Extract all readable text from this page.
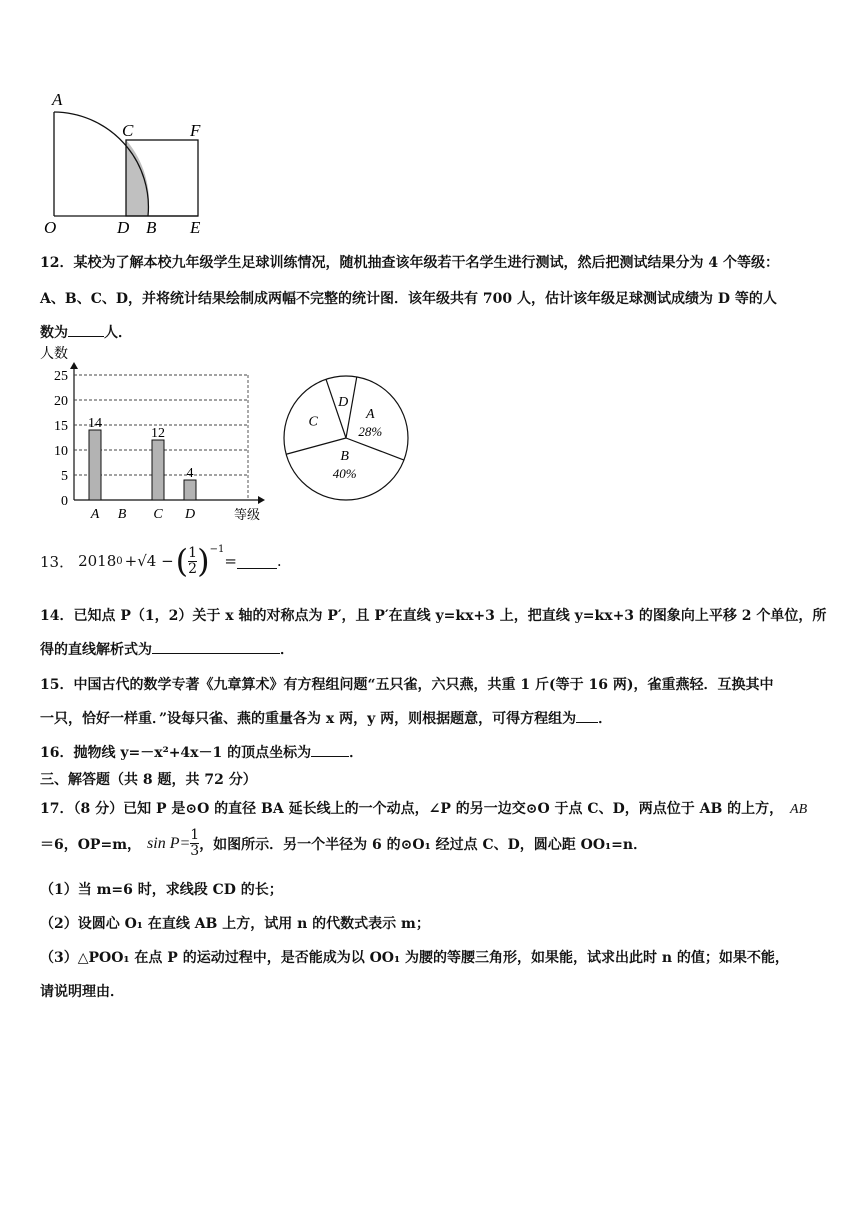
A
C	F
O	D B E
12．某校为了解本校九年级学生足球训练情况，随机抽查该年级若干名学生进行测试，然后把测试结果分为 4 个等级：
A、B、C、D，并将统计结果绘制成两幅不完整的统计图．该年级共有 700 人，估计该年级足球测试成绩为 D 等的人
数为	人．
人数
等级
0
5
10
15
20
25
14
12
4
A B C D
A
28%
B
40%
C
D
13． 2018 0 +√4 − ( $\frac{1}{2} )^{-1}$
=	.
14．已知点 P（1，2）关于 x 轴的对称点为 P′，且 P′在直线 y=kx+3 上，把直线 y=kx+3 的图象向上平移 2 个单位，所
得的直线解析式为	．
15．中国古代的数学专著《九章算术》有方程组问题“五只雀，六只燕，共重 1 斤(等于 16 两)，雀重燕轻．互换其中
一只，恰好一样重．”设每只雀、燕的重量各为 x 两，y 两，则根据题意，可得方程组为 ．
16．抛物线 y=－x²+4x－1 的顶点坐标为	．
三、解答题（共 8 题，共 72 分）
17．（8 分）已知 P 是⊙O 的直径 BA 延长线上的一个动点，∠P 的另一边交⊙O 于点 C、D，两点位于 AB 的上方， AB
＝6，OP=m， $\sin P= \frac{1}{3}$ ，如图所示．另一个半径为 6 的⊙O₁ 经过点 C、D，圆心距 OO₁=n．
（1）当 m=6 时，求线段 CD 的长；
（2）设圆心 O₁ 在直线 AB 上方，试用 n 的代数式表示 m；
（3）△POO₁ 在点 P 的运动过程中，是否能成为以 OO₁ 为腰的等腰三角形，如果能，试求出此时 n 的值；如果不能，
请说明理由．
